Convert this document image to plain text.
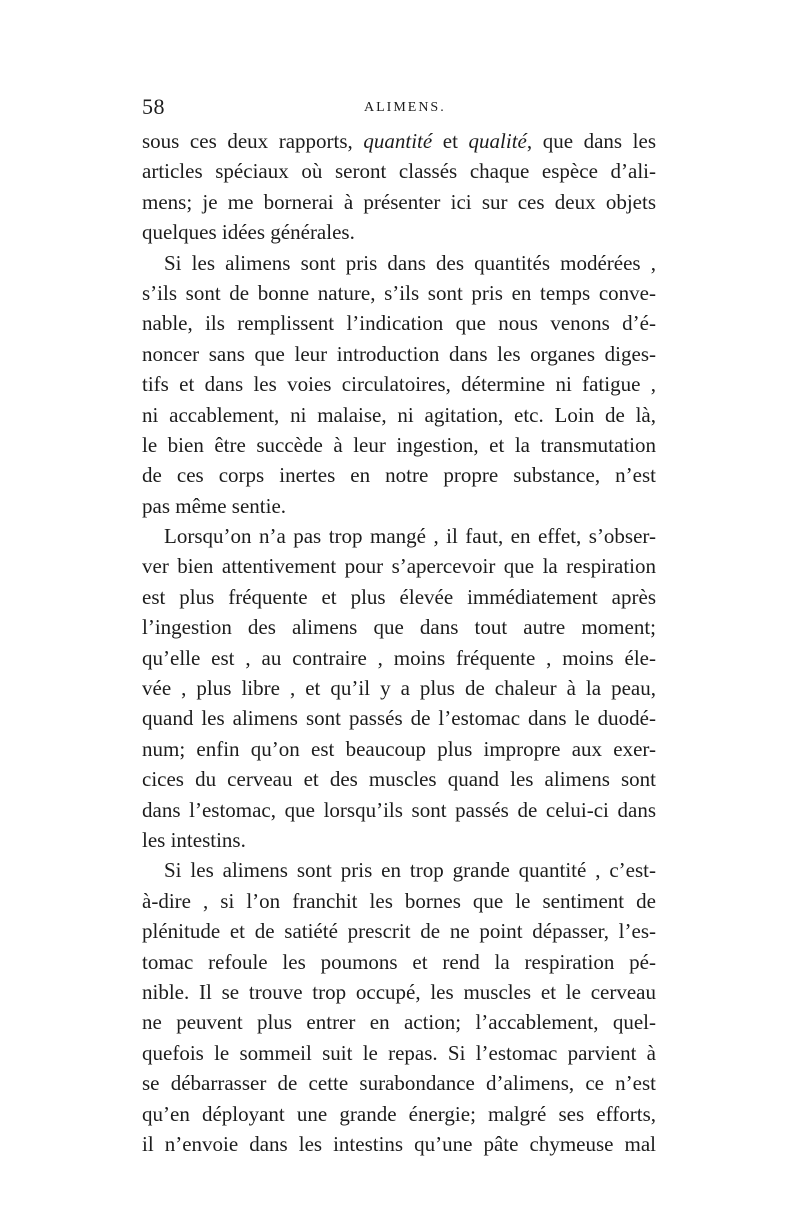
58	ALIMENS.
sous ces deux rapports, quantité et qualité, que dans les
articles spéciaux où seront classés chaque espèce d’ali-
mens; je me bornerai à présenter ici sur ces deux objets
quelques idées générales.
Si les alimens sont pris dans des quantités modérées ,
s’ils sont de bonne nature, s’ils sont pris en temps conve-
nable, ils remplissent l’indication que nous venons d’é-
noncer sans que leur introduction dans les organes diges-
tifs et dans les voies circulatoires, détermine ni fatigue ,
ni accablement, ni malaise, ni agitation, etc. Loin de là,
le bien être succède à leur ingestion, et la transmutation
de ces corps inertes en notre propre substance, n’est
pas même sentie.
Lorsqu’on n’a pas trop mangé , il faut, en effet, s’obser-
ver bien attentivement pour s’apercevoir que la respiration
est plus fréquente et plus élevée immédiatement après
l’ingestion des alimens que dans tout autre moment;
qu’elle est , au contraire , moins fréquente , moins éle-
vée , plus libre , et qu’il y a plus de chaleur à la peau,
quand les alimens sont passés de l’estomac dans le duodé-
num; enfin qu’on est beaucoup plus impropre aux exer-
cices du cerveau et des muscles quand les alimens sont
dans l’estomac, que lorsqu’ils sont passés de celui-ci dans
les intestins.
Si les alimens sont pris en trop grande quantité , c’est-
à-dire , si l’on franchit les bornes que le sentiment de
plénitude et de satiété prescrit de ne point dépasser, l’es-
tomac refoule les poumons et rend la respiration pé-
nible. Il se trouve trop occupé, les muscles et le cerveau
ne peuvent plus entrer en action; l’accablement, quel-
quefois le sommeil suit le repas. Si l’estomac parvient à
se débarrasser de cette surabondance d’alimens, ce n’est
qu’en déployant une grande énergie; malgré ses efforts,
il n’envoie dans les intestins qu’une pâte chymeuse mal
